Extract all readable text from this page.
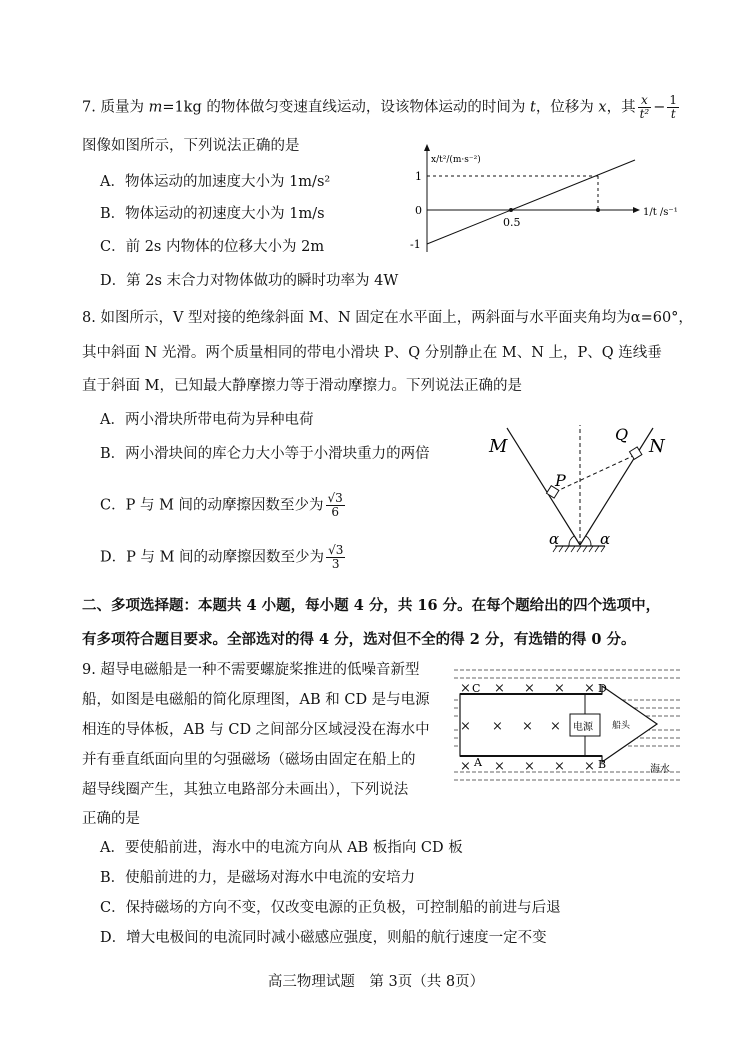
7. 质量为 m=1kg 的物体做匀变速直线运动，设该物体运动的时间为 t，位移为 x，其 $\frac{x}{\text{t²}} - \frac{1}{t}$
图像如图所示，下列说法正确的是
A．物体运动的加速度大小为 1m/s²
B．物体运动的初速度大小为 1m/s
C．前 2s 内物体的位移大小为 2m
D．第 2s 末合力对物体做功的瞬时功率为 4W
x/t²/(m·s⁻²)
1/t /s⁻¹
1
0
-1
0.5
8. 如图所示，V 型对接的绝缘斜面 M、N 固定在水平面上，两斜面与水平面夹角均为α=60°，
其中斜面 N 光滑。两个质量相同的带电小滑块 P、Q 分别静止在 M、N 上，P、Q 连线垂
直于斜面 M，已知最大静摩擦力等于滑动摩擦力。下列说法正确的是
A．两小滑块所带电荷为异种电荷
B．两小滑块间的库仑力大小等于小滑块重力的两倍
C．P 与 M 间的动摩擦因数至少为 $\frac{√3}{6}$
D．P 与 M 间的动摩擦因数至少为 $\frac{√3}{3}$
M	N
P
Q
α	α
二、多项选择题：本题共 4 小题，每小题 4 分，共 16 分。在每个题给出的四个选项中，
有多项符合题目要求。全部选对的得 4 分，选对但不全的得 2 分，有选错的得 0 分。
9. 超导电磁船是一种不需要螺旋桨推进的低噪音新型
船，如图是电磁船的简化原理图，AB 和 CD 是与电源
相连的导体板，AB 与 CD 之间部分区域浸没在海水中
并有垂直纸面向里的匀强磁场（磁场由固定在船上的
超导线圈产生，其独立电路部分未画出），下列说法
正确的是
A．要使船前进，海水中的电流方向从 AB 板指向 CD 板
B．使船前进的力，是磁场对海水中电流的安培力
C．保持磁场的方向不变，仅改变电源的正负极，可控制船的前进与后退
D．增大电极间的电流同时减小磁感应强度，则船的航行速度一定不变
× × × × ×
× × × ×
× × × × ×
C	D
A	B
电源 船头
海水
高三物理试题　第 3页（共 8页）
